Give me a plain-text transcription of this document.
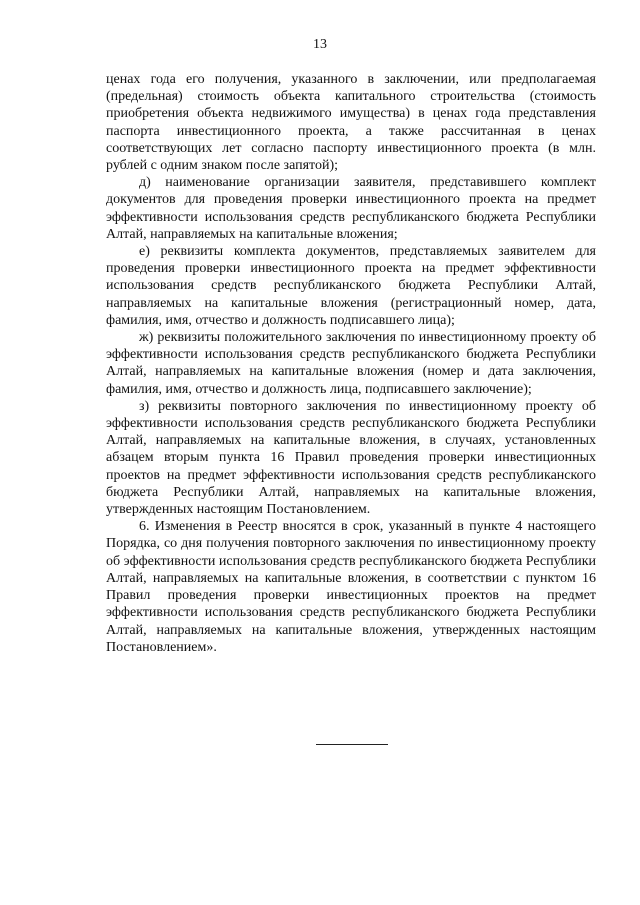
13

ценах года его получения, указанного в заключении, или предполагаемая (предельная) стоимость объекта капитального строительства (стоимость приобретения объекта недвижимого имущества) в ценах года представления паспорта инвестиционного проекта, а также рассчитанная в ценах соответствующих лет согласно паспорту инвестиционного проекта (в млн. рублей с одним знаком после запятой);

д) наименование организации заявителя, представившего комплект документов для проведения проверки инвестиционного проекта на предмет эффективности использования средств республиканского бюджета Республики Алтай, направляемых на капитальные вложения;

е) реквизиты комплекта документов, представляемых заявителем для проведения проверки инвестиционного проекта на предмет эффективности использования средств республиканского бюджета Республики Алтай, направляемых на капитальные вложения (регистрационный номер, дата, фамилия, имя, отчество и должность подписавшего лица);

ж) реквизиты положительного заключения по инвестиционному проекту об эффективности использования средств республиканского бюджета Республики Алтай, направляемых на капитальные вложения (номер и дата заключения, фамилия, имя, отчество и должность лица, подписавшего заключение);

з) реквизиты повторного заключения по инвестиционному проекту об эффективности использования средств республиканского бюджета Республики Алтай, направляемых на капитальные вложения, в случаях, установленных абзацем вторым пункта 16 Правил проведения проверки инвестиционных проектов на предмет эффективности использования средств республиканского бюджета Республики Алтай, направляемых на капитальные вложения, утвержденных настоящим Постановлением.

6. Изменения в Реестр вносятся в срок, указанный в пункте 4 настоящего Порядка, со дня получения повторного заключения по инвестиционному проекту об эффективности использования средств республиканского бюджета Республики Алтай, направляемых на капитальные вложения, в соответствии с пунктом 16 Правил проведения проверки инвестиционных проектов на предмет эффективности использования средств республиканского бюджета Республики Алтай, направляемых на капитальные вложения, утвержденных настоящим Постановлением».
